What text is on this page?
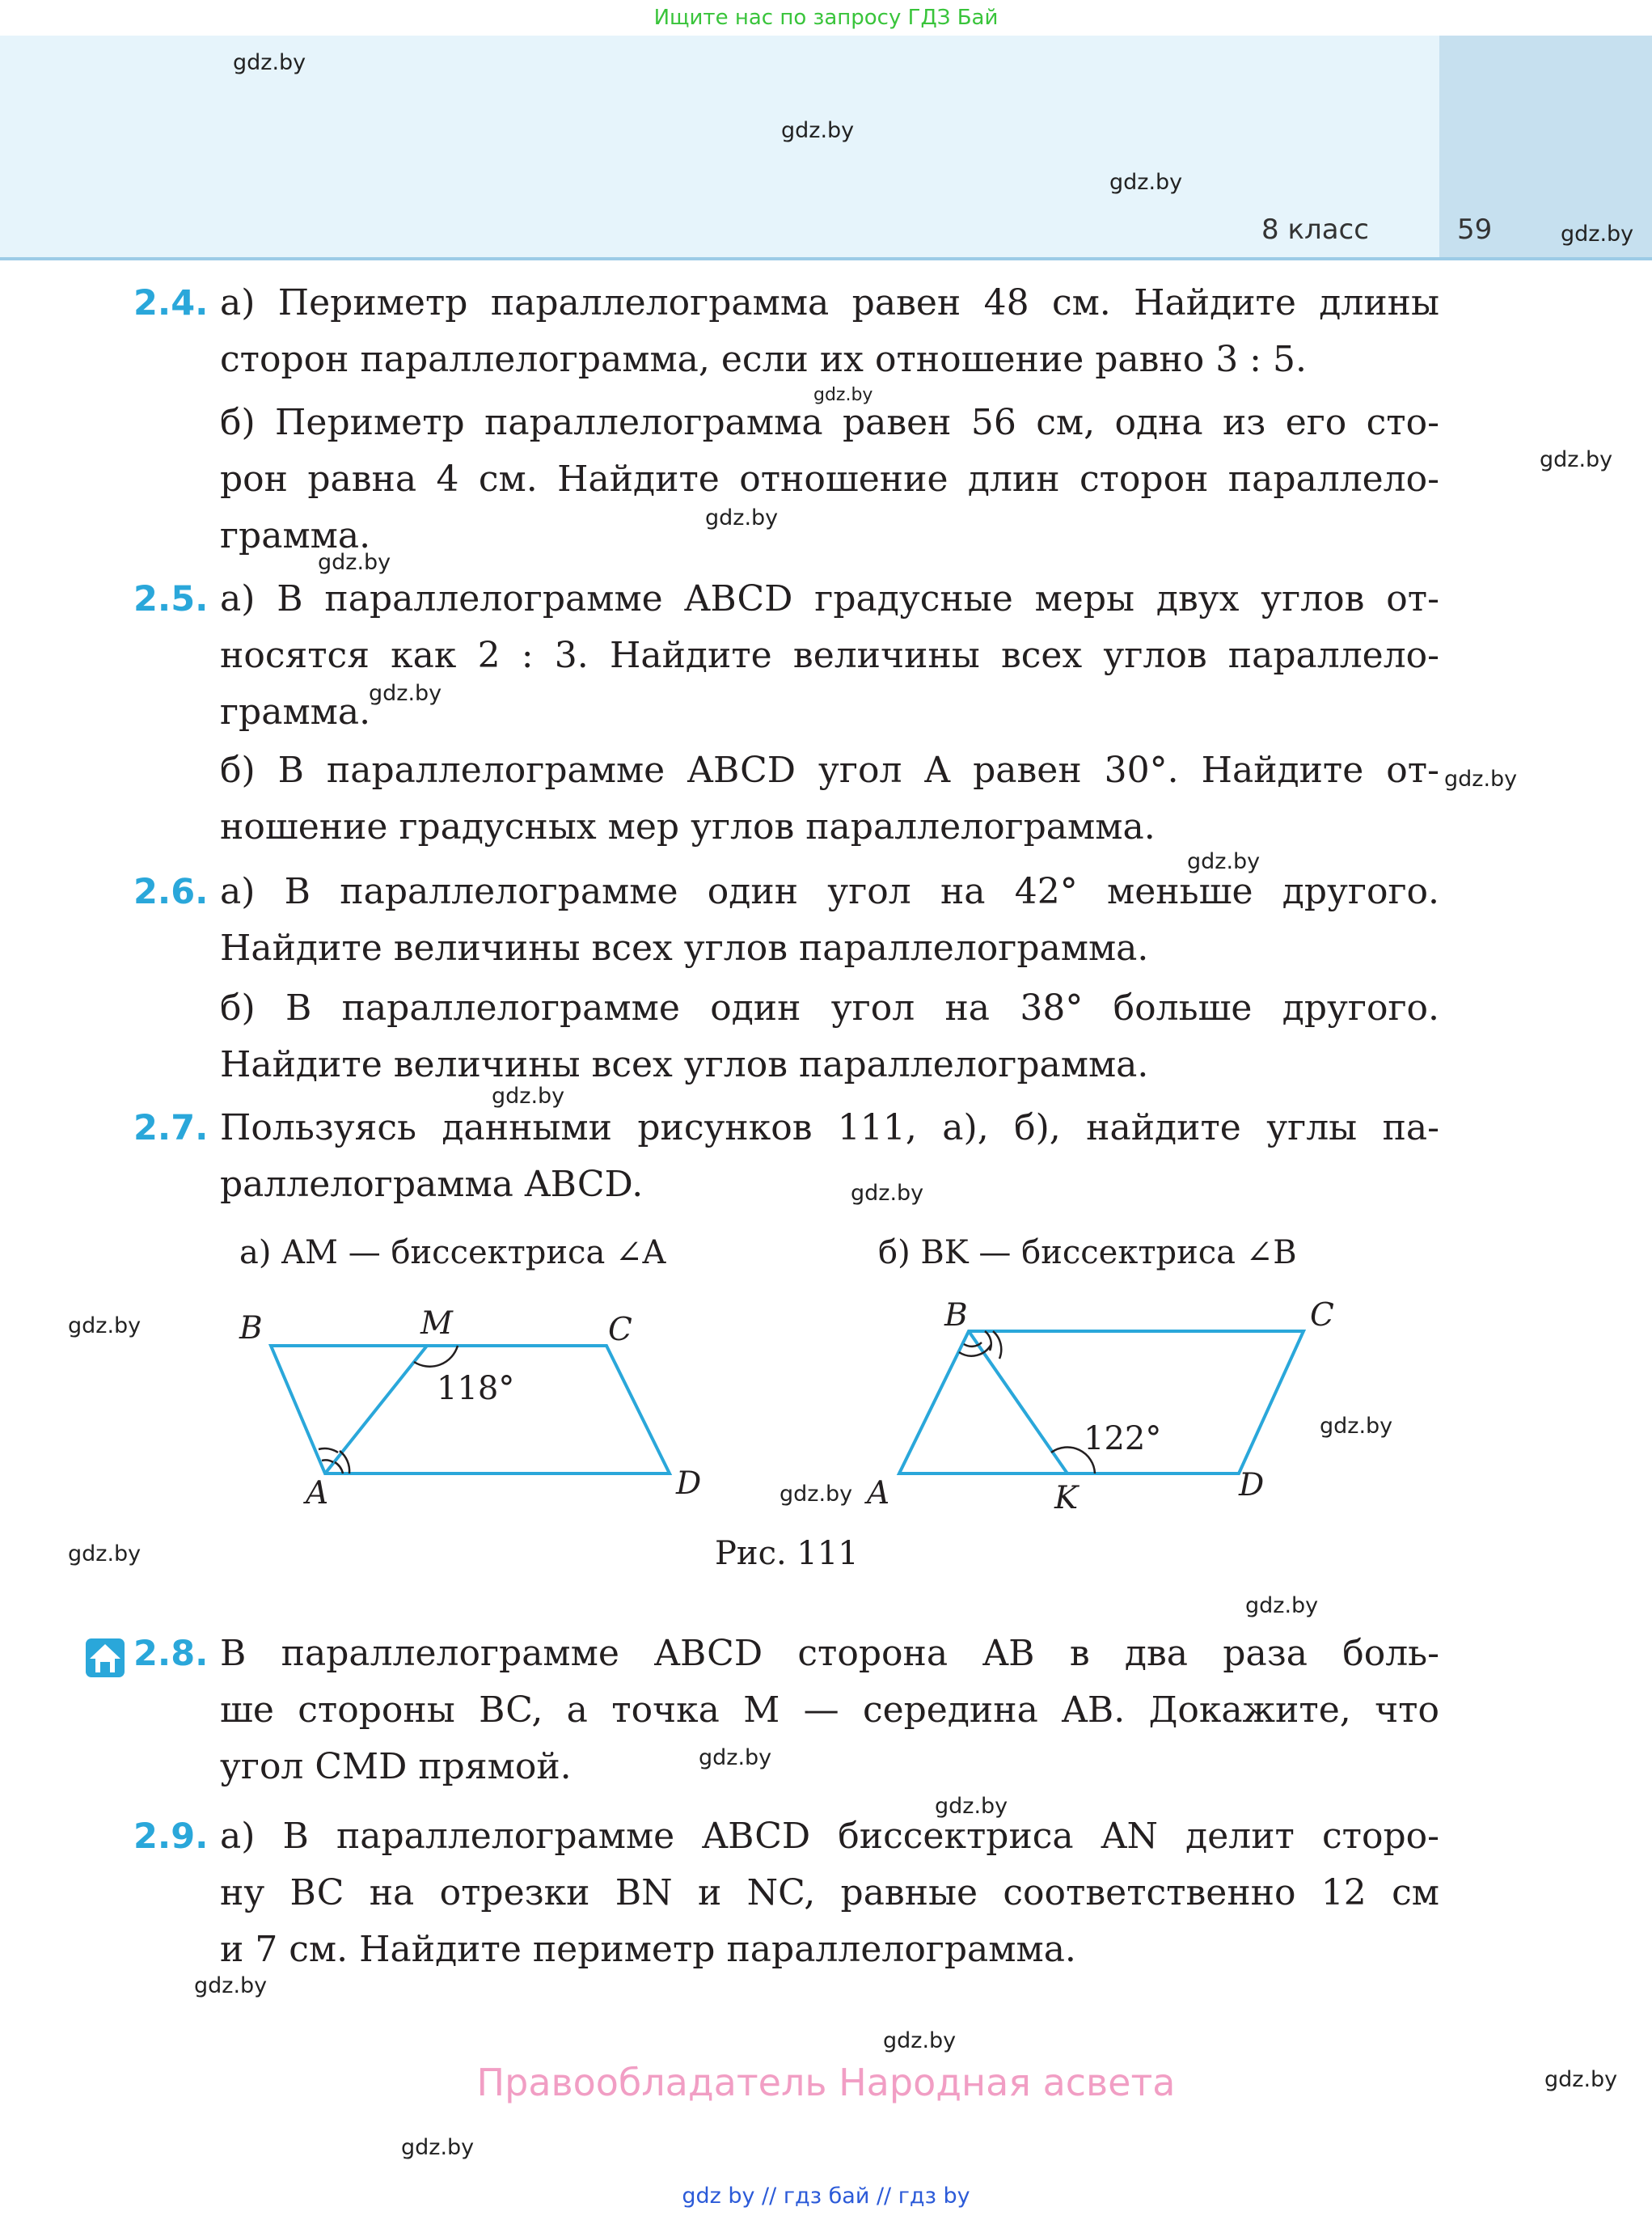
Ищите нас по запросу ГДЗ Бай
8 класс	59
gdz.by
gdz.by
gdz.by
gdz.by
gdz.by
gdz.by
gdz.by
gdz.by
gdz.by
gdz.by
gdz.by
gdz.by
gdz.by
gdz.by
gdz.by
gdz.by
gdz.by
gdz.by
gdz.by
gdz.by
gdz.by
gdz.by
gdz.by
gdz.by
2.4. а) Периметр параллелограмма равен 48 см. Найдите длины
сторон параллелограмма, если их отношение равно 3 : 5.
б) Периметр параллелограмма равен 56 см, одна из его сто-
рон равна 4 см. Найдите отношение длин сторон параллело-
грамма.
2.5. а) В параллелограмме ABCD градусные меры двух углов от-
носятся как 2 : 3. Найдите величины всех углов параллело-
грамма.
б) В параллелограмме ABCD угол A равен 30°. Найдите от-
ношение градусных мер углов параллелограмма.
2.6. а) В параллелограмме один угол на 42° меньше другого.
Найдите величины всех углов параллелограмма.
б) В параллелограмме один угол на 38° больше другого.
Найдите величины всех углов параллелограмма.
2.7. Пользуясь данными рисунков 111, а), б), найдите углы па-
раллелограмма ABCD.
а) AM — биссектриса ∠A	б) BK — биссектриса ∠B
B	M	C
A	D
118°
B	C
A	K	D
122°
Рис. 111
2.8. В параллелограмме ABCD сторона AB в два раза боль-
ше стороны BC, а точка M — середина AB. Докажите, что
угол CMD прямой.
2.9. а) В параллелограмме ABCD биссектриса AN делит сторо-
ну BC на отрезки BN и NC, равные соответственно 12 см
и 7 см. Найдите периметр параллелограмма.
Правообладатель Народная асвета
gdz by // гдз бай // гдз by
